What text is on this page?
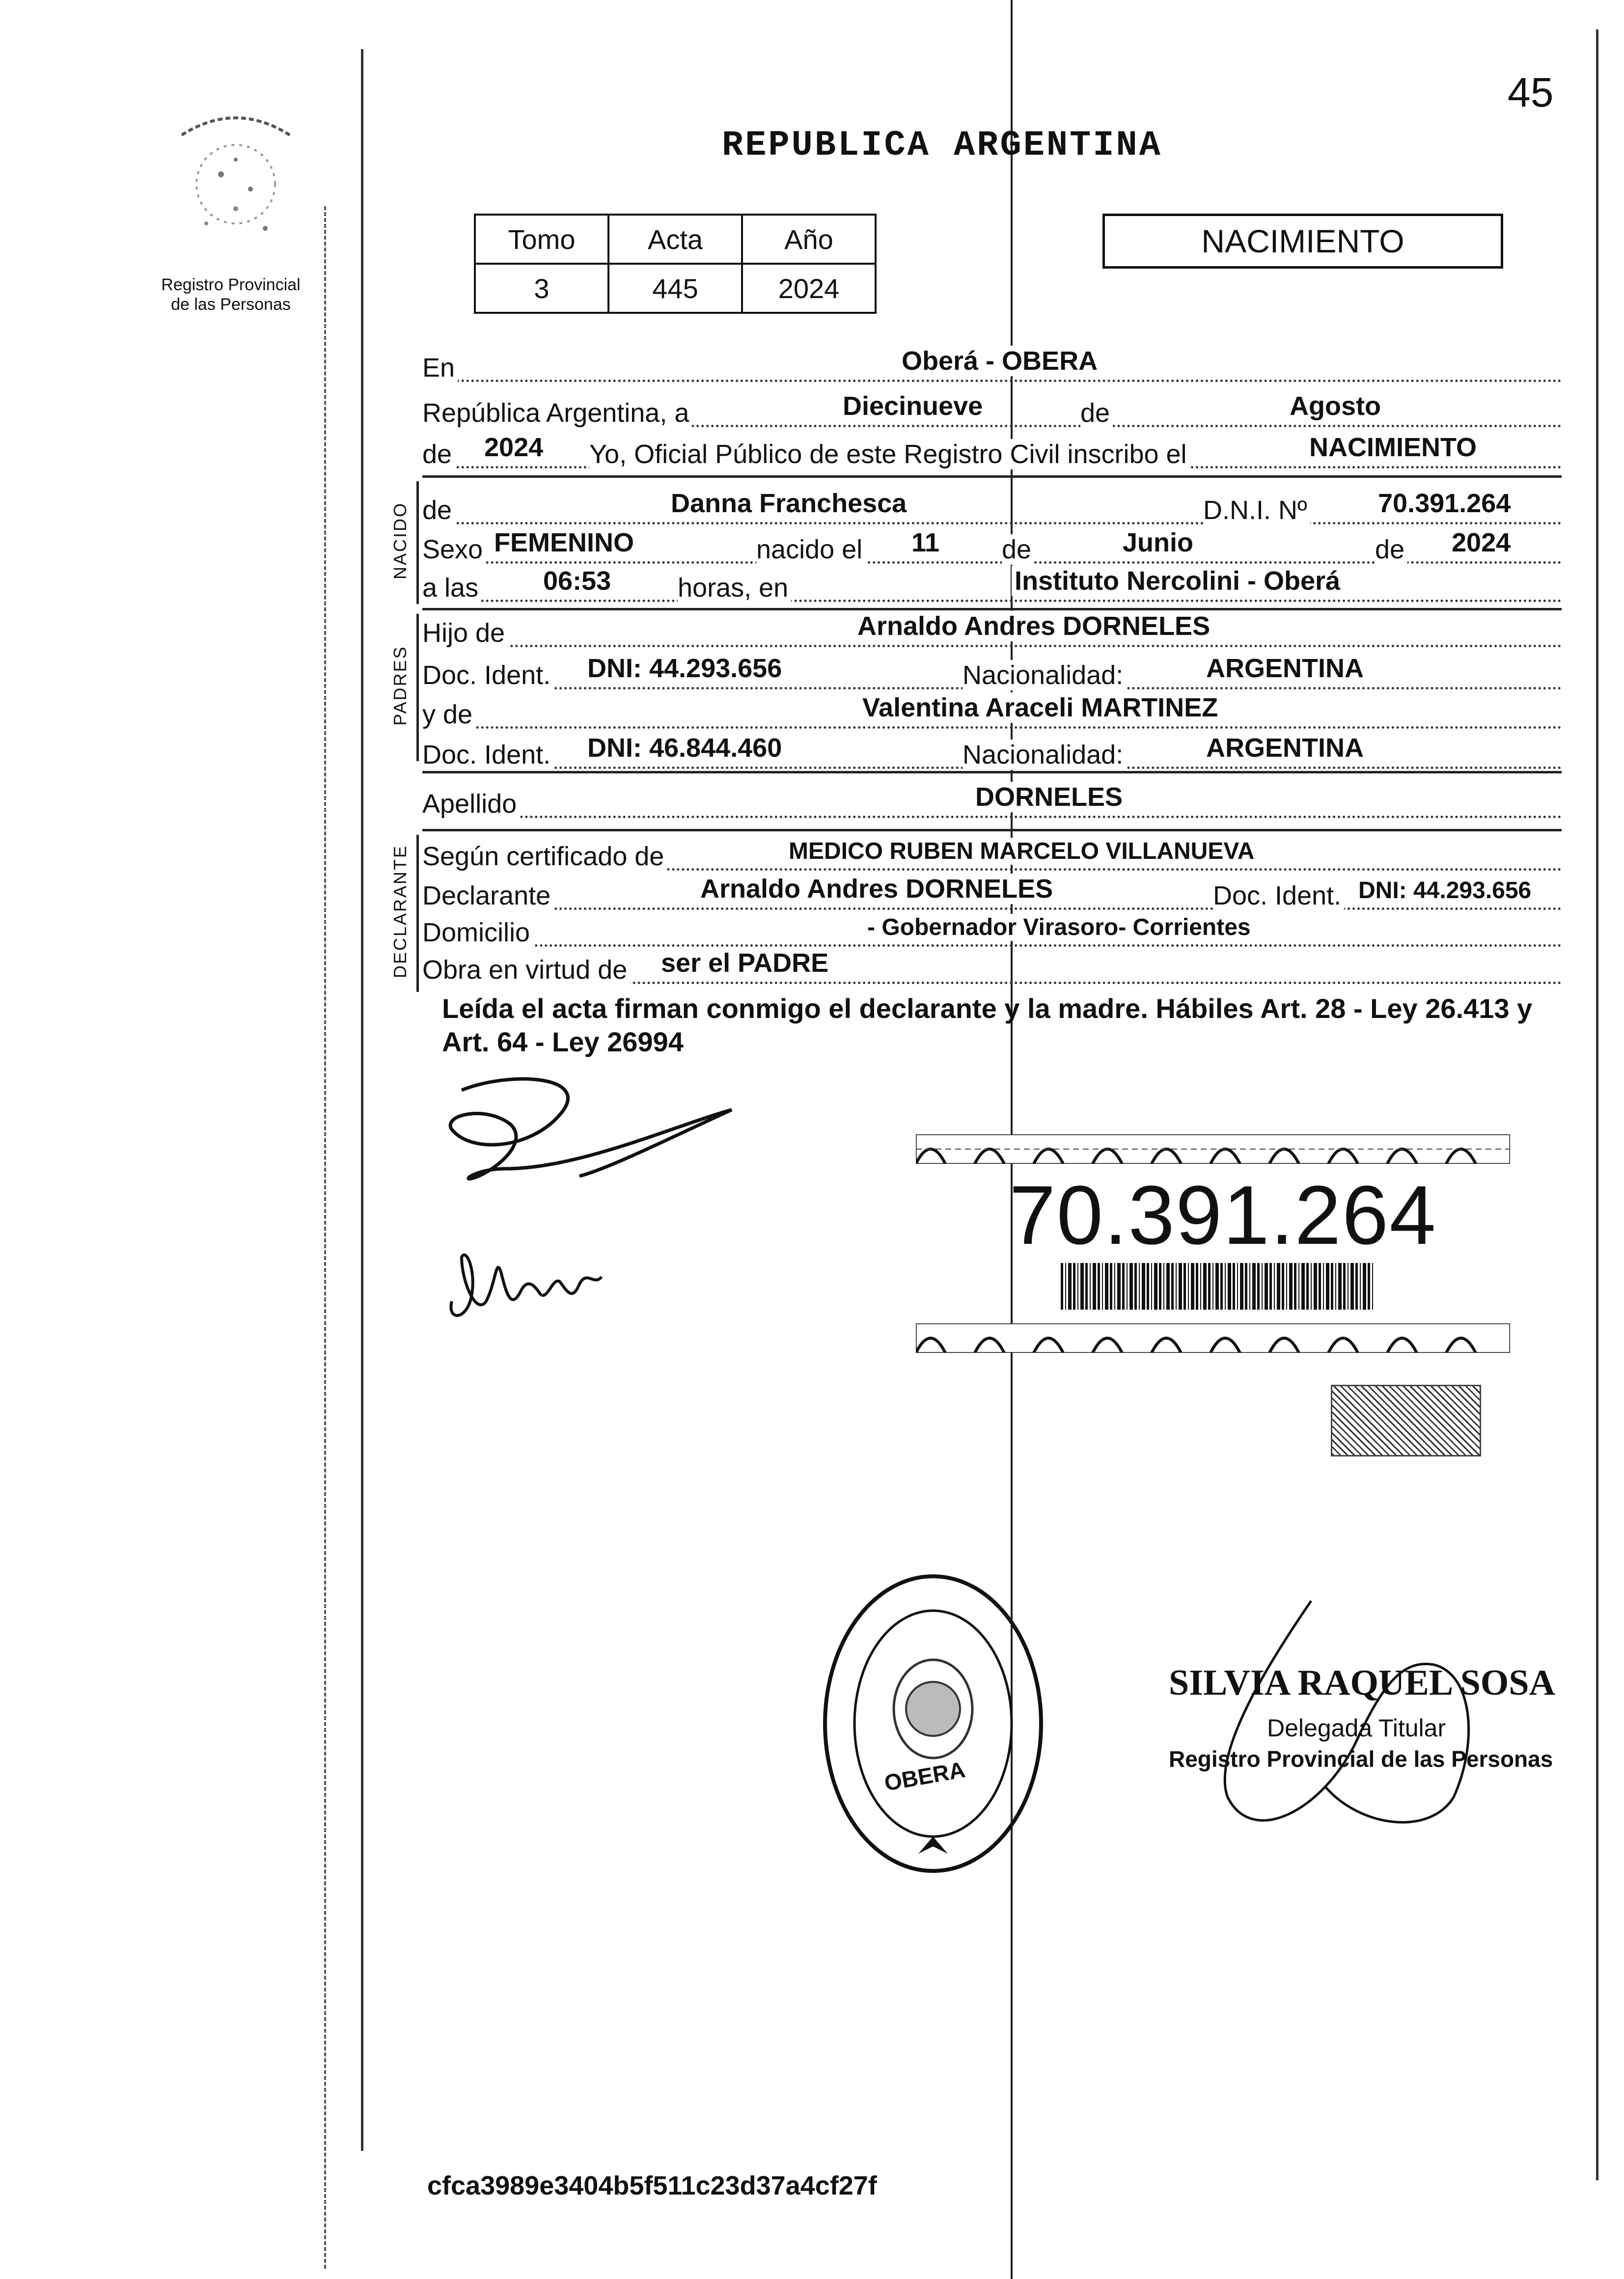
45
REPUBLICA ARGENTINA
Registro Provincial
de las Personas
Tomo	Acta	Año
3	445	2024
NACIMIENTO
En	Oberá - OBERA
República Argentina, a	Diecinueve	de	Agosto
de 2024 Yo, Oficial Público de este Registro Civil inscribo el	NACIMIENTO
NACIDO de	Danna Franchesca	D.N.I. Nº	70.391.264
Sexo FEMENINO	nacido el 11 de	Junio	de 2024
a las 06:53	horas, en	Instituto Nercolini - Oberá
PADRES
Hijo de	Arnaldo Andres DORNELES
Doc. Ident. DNI: 44.293.656	Nacionalidad:	ARGENTINA
y de	Valentina Araceli MARTINEZ
Doc. Ident. DNI: 46.844.460	Nacionalidad:	ARGENTINA
Apellido	DORNELES
DECLARANTE Según certificado de	MEDICO RUBEN MARCELO VILLANUEVA
Declarante	Arnaldo Andres DORNELES	Doc. Ident. DNI: 44.293.656
Domicilio	- Gobernador Virasoro- Corrientes
Obra en virtud de ser el PADRE
Leída el acta firman conmigo el declarante y la madre. Hábiles Art. 28 - Ley 26.413 y Art. 64 - Ley 26994
70.391.264
OBERA
SILVIA RAQUEL SOSA
Delegada Titular
Registro Provincial de las Personas
cfca3989e3404b5f511c23d37a4cf27f
